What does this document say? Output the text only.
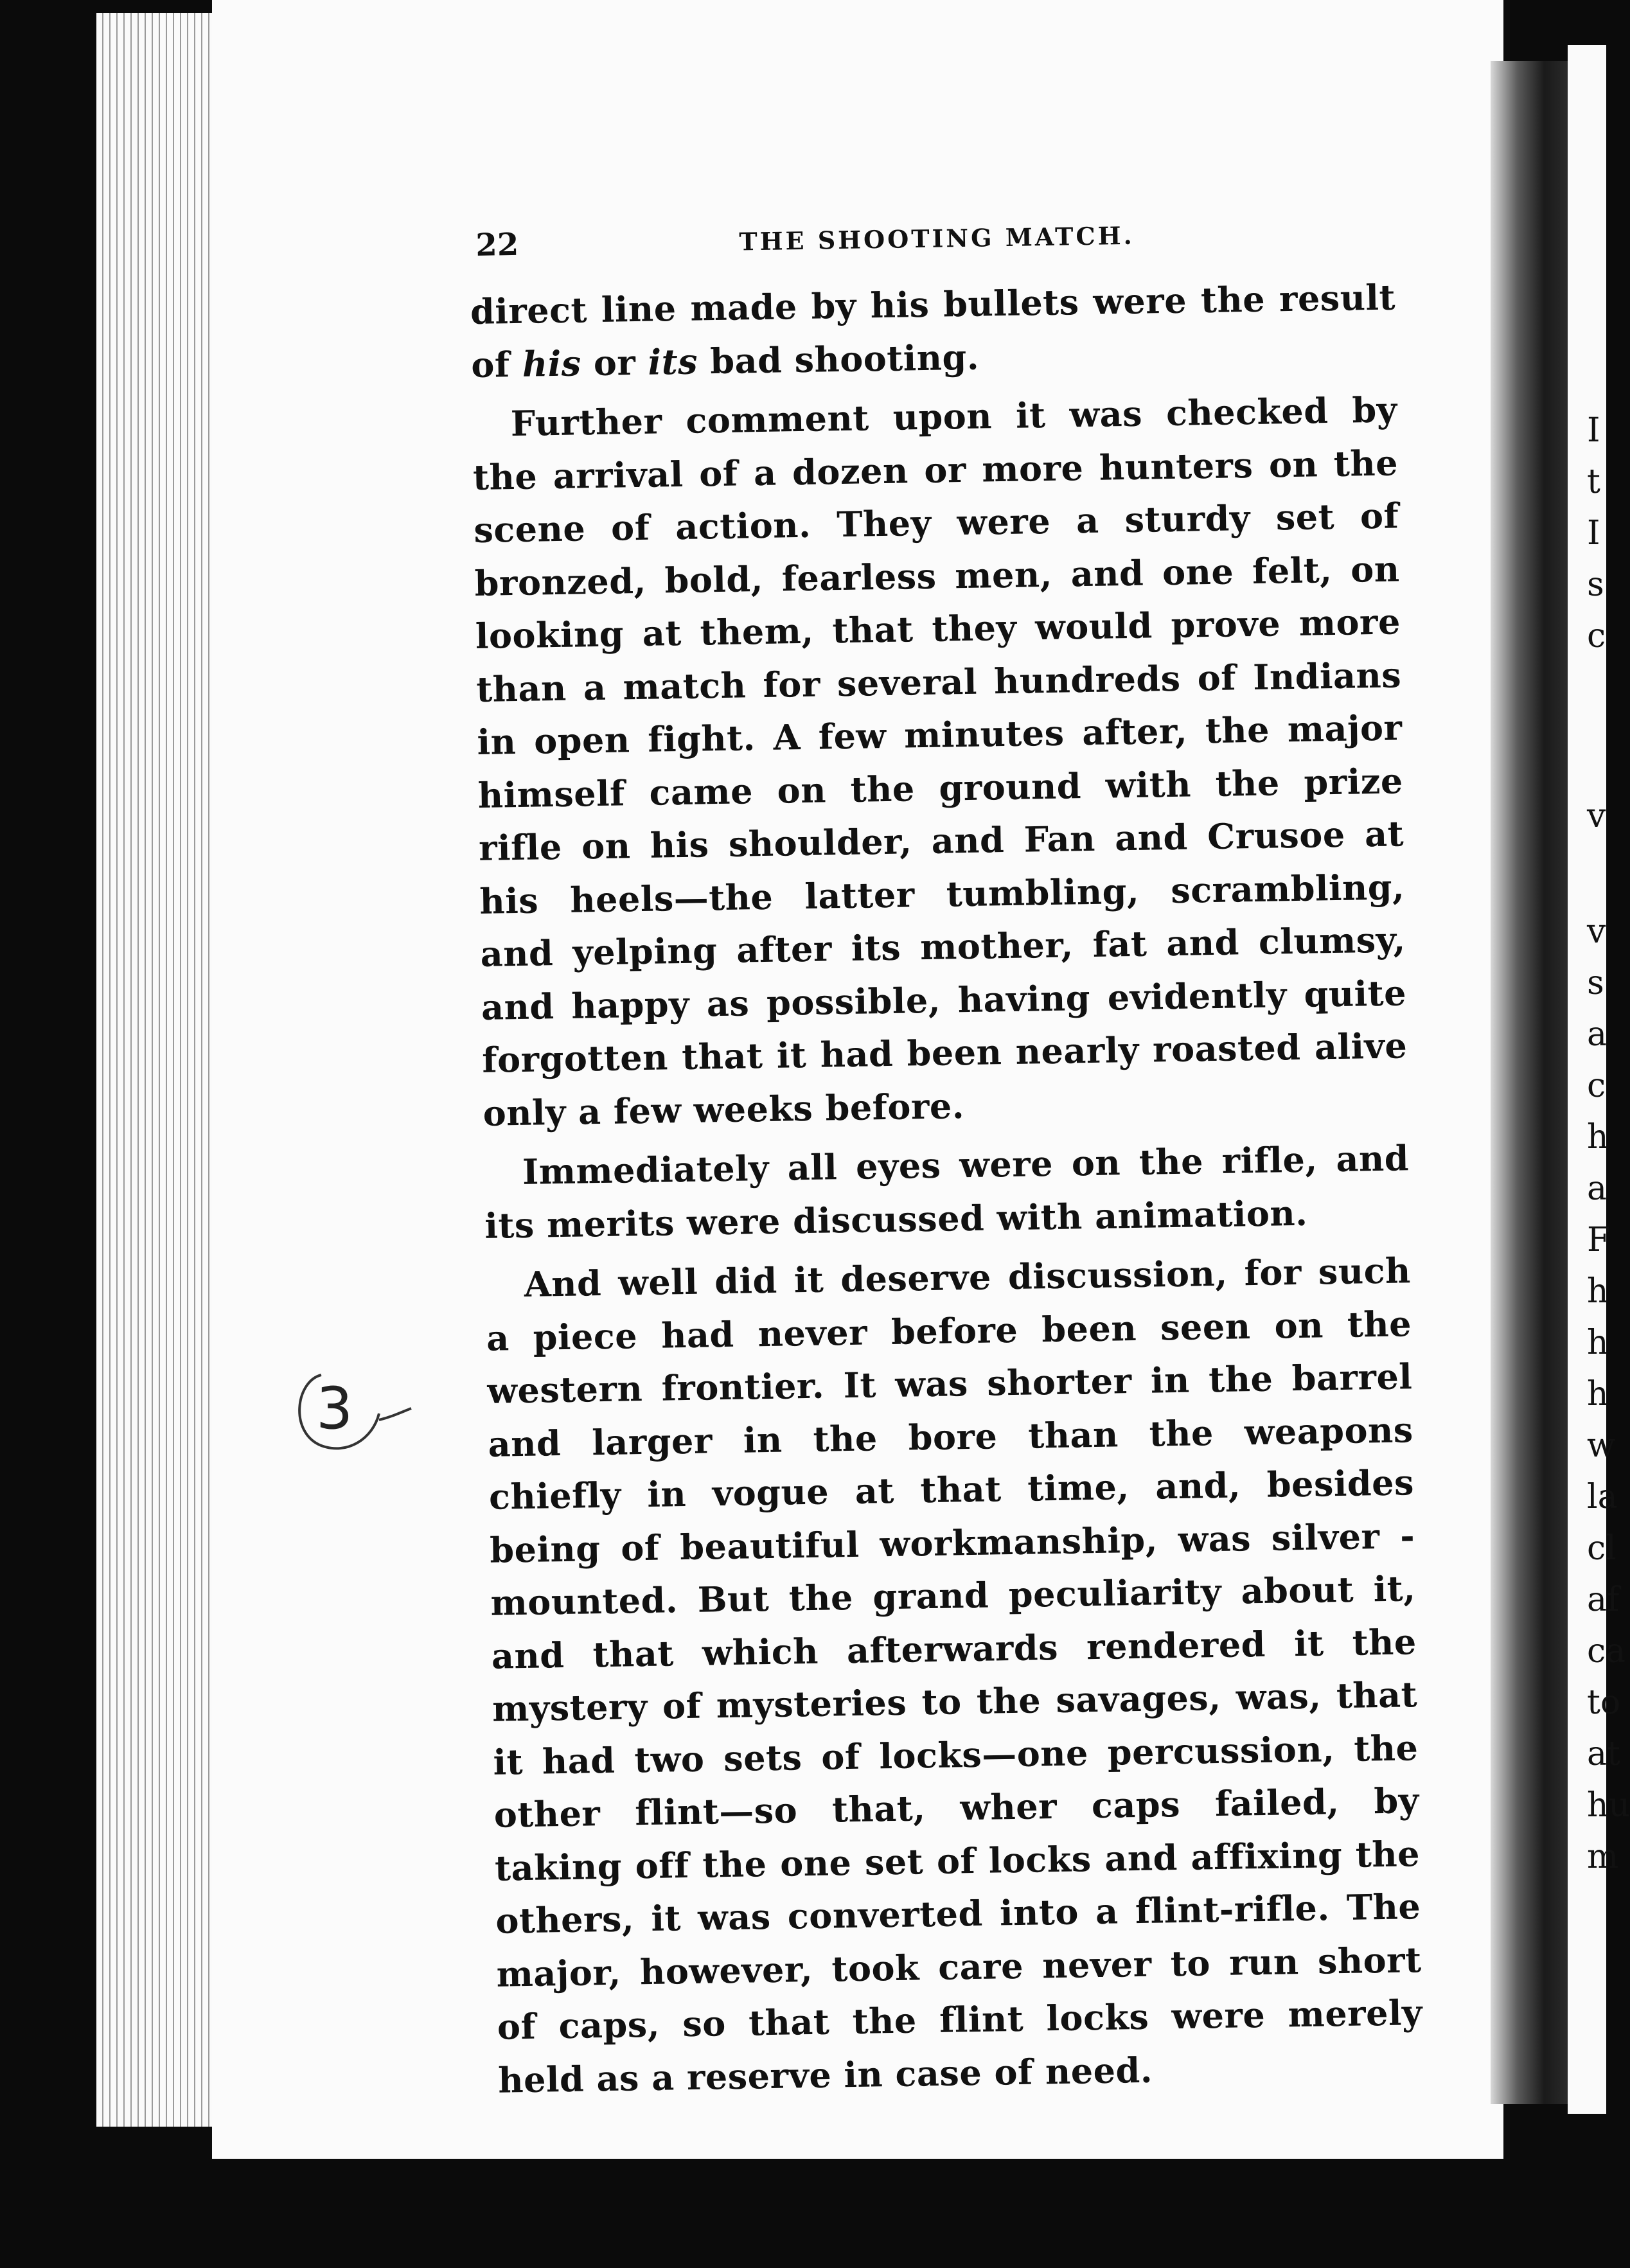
I
t
I
s
c
v
v
s
a
c
h
a
F
h
h
h
w
la
cl
af
ca
to
at
hu
m
22	THE SHOOTING MATCH.

direct line made by his bullets were the result of his or its bad shooting.

Further comment upon it was checked by the arrival of a dozen or more hunters on the scene of action. They were a sturdy set of bronzed, bold, fearless men, and one felt, on looking at them, that they would prove more than a match for several hundreds of Indians in open fight. A few minutes after, the major himself came on the ground with the prize rifle on his shoulder, and Fan and Crusoe at his heels—the latter tumbling, scrambling, and yelping after its mother, fat and clumsy, and happy as possible, having evidently quite forgotten that it had been nearly roasted alive only a few weeks before.

Immediately all eyes were on the rifle, and its merits were discussed with animation.

And well did it deserve discussion, for such a piece had never before been seen on the western frontier. It was shorter in the barrel and larger in the bore than the weapons chiefly in vogue at that time, and, besides being of beautiful workmanship, was silver - mounted. But the grand peculiarity about it, and that which afterwards rendered it the mystery of mysteries to the savages, was, that it had two sets of locks—one percussion, the other flint—so that, wher caps failed, by taking off the one set of locks and affixing the others, it was converted into a flint-rifle. The major, however, took care never to run short of caps, so that the flint locks were merely held as a reserve in case of need.

3
